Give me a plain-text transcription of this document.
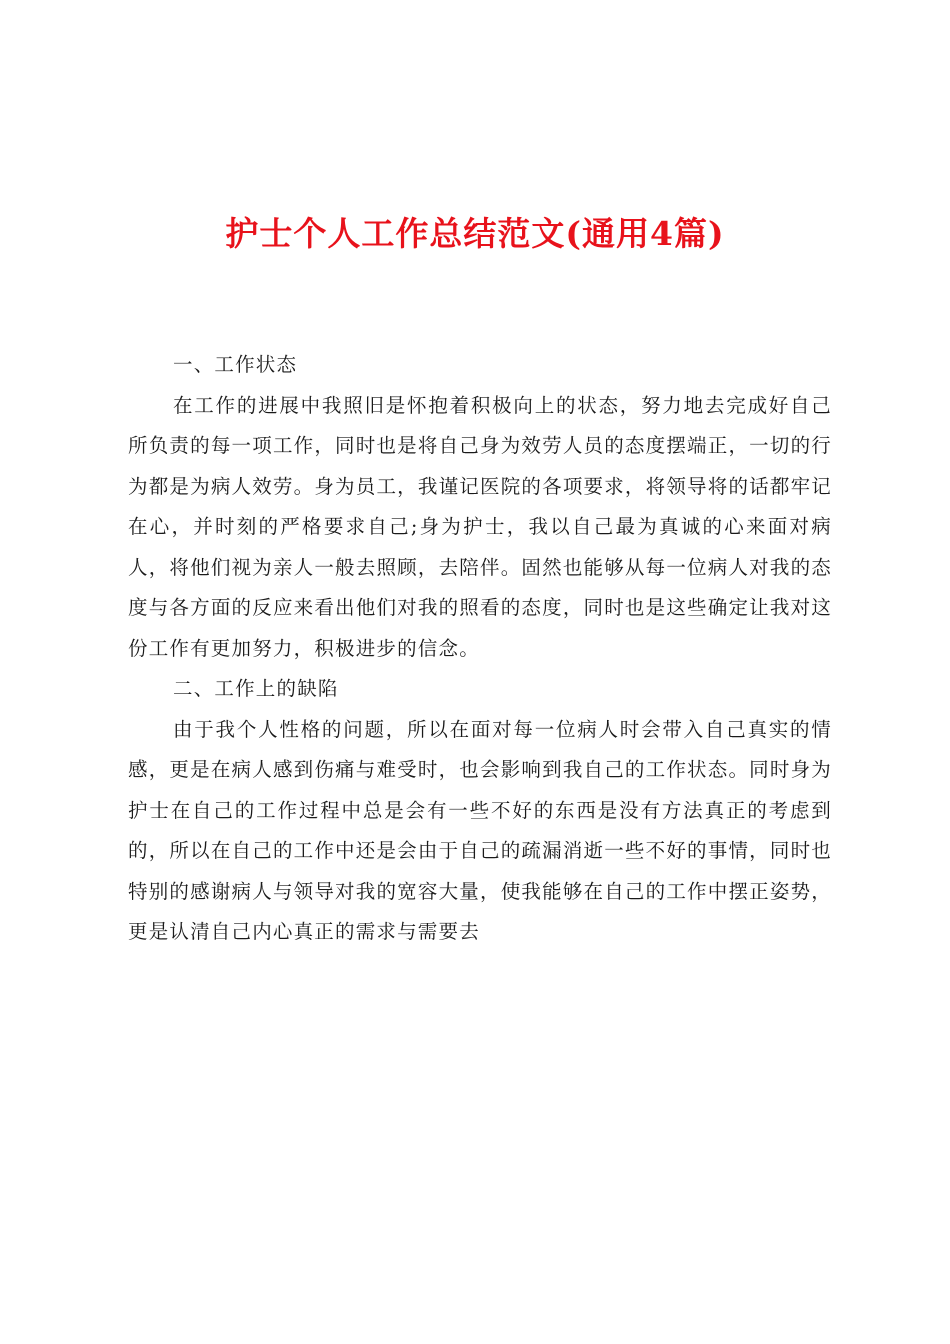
护士个人工作总结范文(通用4篇)

一、工作状态

在工作的进展中我照旧是怀抱着积极向上的状态，努力地去完成好自己所负责的每一项工作，同时也是将自己身为效劳人员的态度摆端正，一切的行为都是为病人效劳。身为员工，我谨记医院的各项要求，将领导将的话都牢记在心，并时刻的严格要求自己;身为护士，我以自己最为真诚的心来面对病人，将他们视为亲人一般去照顾，去陪伴。固然也能够从每一位病人对我的态度与各方面的反应来看出他们对我的照看的态度，同时也是这些确定让我对这份工作有更加努力，积极进步的信念。

二、工作上的缺陷

由于我个人性格的问题，所以在面对每一位病人时会带入自己真实的情感，更是在病人感到伤痛与难受时，也会影响到我自己的工作状态。同时身为护士在自己的工作过程中总是会有一些不好的东西是没有方法真正的考虑到的，所以在自己的工作中还是会由于自己的疏漏消逝一些不好的事情，同时也特别的感谢病人与领导对我的宽容大量，使我能够在自己的工作中摆正姿势，更是认清自己内心真正的需求与需要去
